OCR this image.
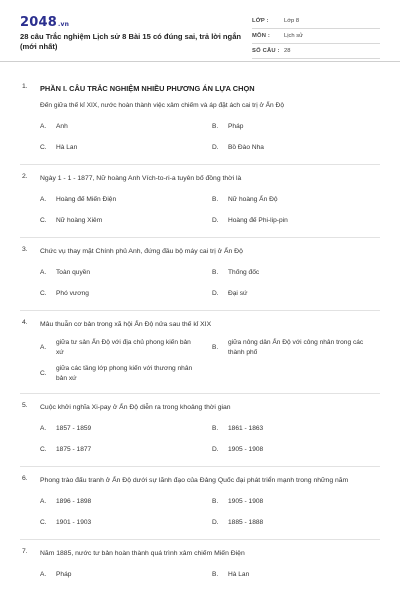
2048.vn
28 câu Trắc nghiệm Lịch sử 8 Bài 15 có đúng sai, trả lời ngắn (mới nhất)
LỚP :	Lớp 8
MÔN :	Lịch sử
SỐ CÂU : 28
1. PHẦN I. CÂU TRẮC NGHIỆM NHIỀU PHƯƠNG ÁN LỰA CHỌN
Đến giữa thế kỉ XIX, nước hoàn thành việc xâm chiếm và áp đặt ách cai trị ở Ấn Độ
A.	Anh	B.	Pháp
C.	Hà Lan	D.	Bồ Đào Nha
2. Ngày 1 - 1 - 1877, Nữ hoàng Anh Vích-to-ri-a tuyên bố đồng thời là
A.	Hoàng đế Miến Điện	B.	Nữ hoàng Ấn Độ
C.	Nữ hoàng Xiêm	D.	Hoàng đế Phi-lip-pin
3. Chức vụ thay mặt Chính phủ Anh, đứng đầu bộ máy cai trị ở Ấn Độ
A.	Toàn quyền	B.	Thống đốc
C.	Phó vương	D.	Đại sứ
4. Mâu thuẫn cơ bản trong xã hội Ấn Độ nửa sau thế kỉ XIX
A.
giữa tư sản Ấn Độ với địa chủ phong kiến bản xứ
B.
giữa nông dân Ấn Độ với công nhân trong các thành phố
C.
giữa các tầng lớp phong kiến với thương nhân bản xứ
5. Cuộc khởi nghĩa Xi-pay ở Ấn Độ diễn ra trong khoảng thời gian
A.	1857 - 1859	B.	1861 - 1863
C.	1875 - 1877	D.	1905 - 1908
6. Phong trào đấu tranh ở Ấn Độ dưới sự lãnh đạo của Đảng Quốc đại phát triển mạnh trong những năm
A.	1896 - 1898	B.	1905 - 1908
C.	1901 - 1903	D.	1885 - 1888
7. Năm 1885, nước tư bản hoàn thành quá trình xâm chiếm Miến Điện
A.	Pháp	B.	Hà Lan
